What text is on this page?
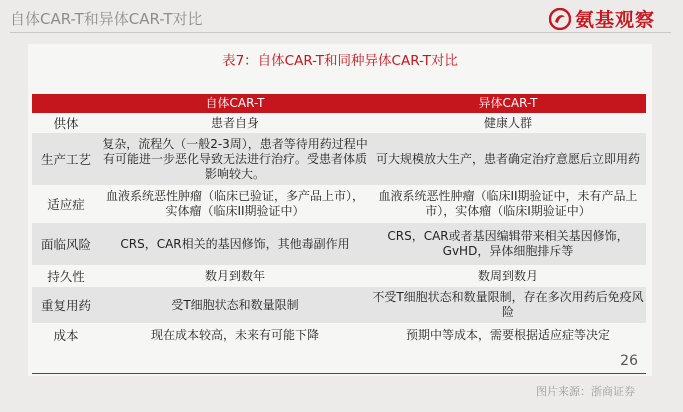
自体CAR-T和异体CAR-T对比	氨基观察
表7：自体CAR-T和同种异体CAR-T对比
	自体CAR-T	异体CAR-T
供体	患者自身	健康人群
生产工艺	复杂，流程久（一般2-3周），患者等待用药过程中有可能进一步恶化导致无法进行治疗。受患者体质影响较大。	可大规模放大生产，患者确定治疗意愿后立即用药
适应症	血液系统恶性肿瘤（临床已验证，多产品上市），实体瘤（临床II期验证中）	血液系统恶性肿瘤（临床II期验证中，未有产品上市），实体瘤（临床I期验证中）
面临风险	CRS，CAR相关的基因修饰，其他毒副作用	CRS，CAR或者基因编辑带来相关基因修饰，GvHD，异体细胞排斥等
持久性	数月到数年	数周到数月
重复用药	受T细胞状态和数量限制	不受T细胞状态和数量限制，存在多次用药后免疫风险
成本	现在成本较高，未来有可能下降	预期中等成本，需要根据适应症等决定
26
图片来源：浙商证券
